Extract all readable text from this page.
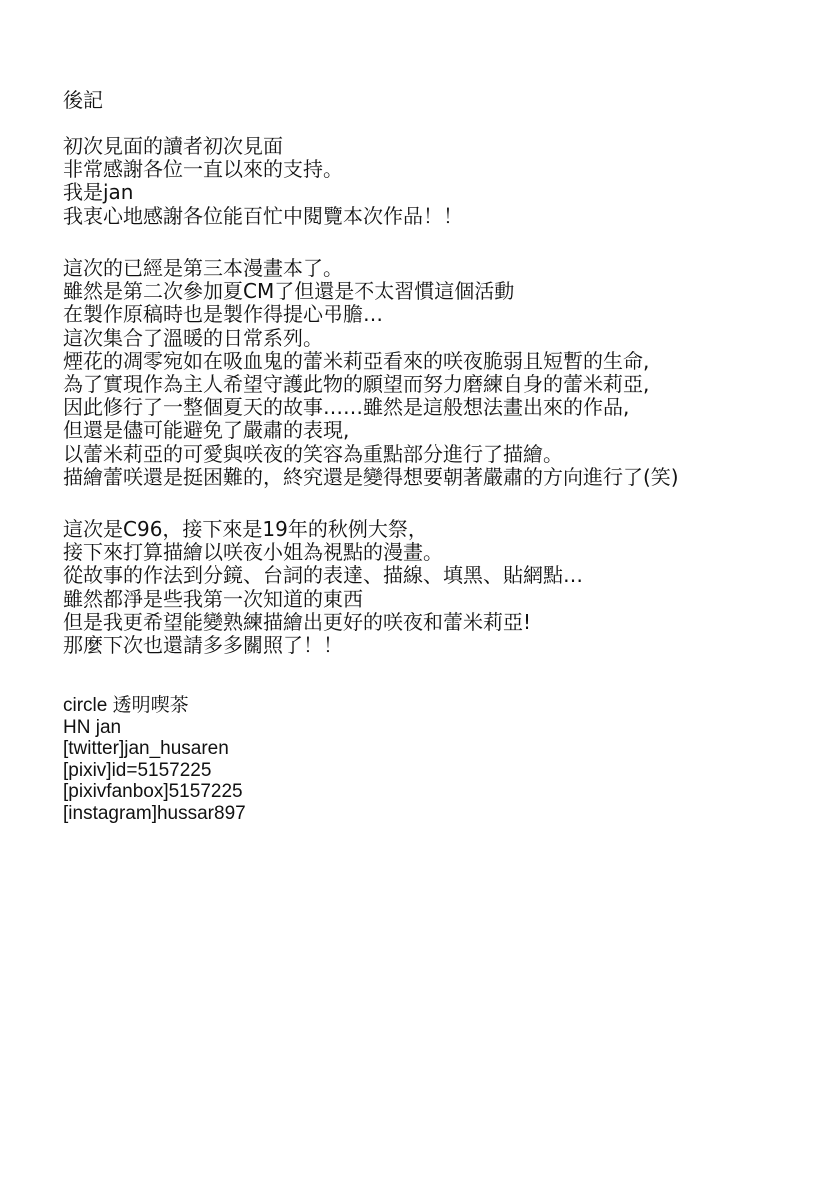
後記
初次見面的讀者初次見面
非常感謝各位一直以來的支持。
我是jan
我衷心地感謝各位能百忙中閱覽本次作品！！
這次的已經是第三本漫畫本了。
雖然是第二次參加夏CM了但還是不太習慣這個活動
在製作原稿時也是製作得提心弔膽…
這次集合了溫暖的日常系列。
煙花的凋零宛如在吸血鬼的蕾米莉亞看來的咲夜脆弱且短暫的生命,
為了實現作為主人希望守護此物的願望而努力磨練自身的蕾米莉亞,
因此修行了一整個夏天的故事……雖然是這般想法畫出來的作品,
但還是儘可能避免了嚴肅的表現,
以蕾米莉亞的可愛與咲夜的笑容為重點部分進行了描繪。
描繪蕾咲還是挺困難的，終究還是變得想要朝著嚴肅的方向進行了(笑)
這次是C96，接下來是19年的秋例大祭，
接下來打算描繪以咲夜小姐為視點的漫畫。
從故事的作法到分鏡、台詞的表達、描線、填黑、貼網點…
雖然都淨是些我第一次知道的東西
但是我更希望能變熟練描繪出更好的咲夜和蕾米莉亞!
那麼下次也還請多多關照了！！
circle 透明喫茶
HN jan
[twitter]jan_husaren
[pixiv]id=5157225
[pixivfanbox]5157225
[instagram]hussar897
